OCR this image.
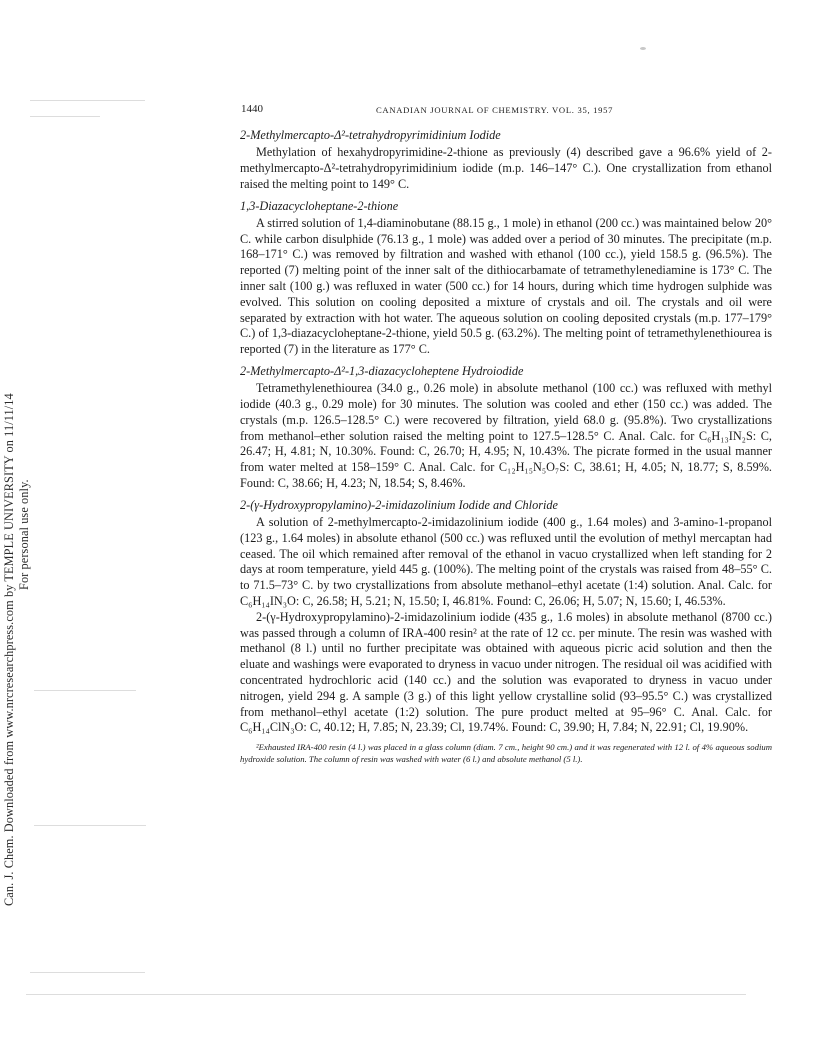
Can. J. Chem. Downloaded from www.nrcresearchpress.com by TEMPLE UNIVERSITY on 11/11/14 For personal use only.
1440	CANADIAN JOURNAL OF CHEMISTRY. VOL. 35, 1957
2-Methylmercapto-Δ²-tetrahydropyrimidinium Iodide

Methylation of hexahydropyrimidine-2-thione as previously (4) described gave a 96.6% yield of 2-methylmercapto-Δ²-tetrahydropyrimidinium iodide (m.p. 146–147° C.). One crystallization from ethanol raised the melting point to 149° C.

1,3-Diazacycloheptane-2-thione

A stirred solution of 1,4-diaminobutane (88.15 g., 1 mole) in ethanol (200 cc.) was maintained below 20° C. while carbon disulphide (76.13 g., 1 mole) was added over a period of 30 minutes. The precipitate (m.p. 168–171° C.) was removed by filtration and washed with ethanol (100 cc.), yield 158.5 g. (96.5%). The reported (7) melting point of the inner salt of the dithiocarbamate of tetramethylenediamine is 173° C. The inner salt (100 g.) was refluxed in water (500 cc.) for 14 hours, during which time hydrogen sulphide was evolved. This solution on cooling deposited a mixture of crystals and oil. The crystals and oil were separated by extraction with hot water. The aqueous solution on cooling deposited crystals (m.p. 177–179° C.) of 1,3-diazacycloheptane-2-thione, yield 50.5 g. (63.2%). The melting point of tetramethylenethiourea is reported (7) in the literature as 177° C.

2-Methylmercapto-Δ²-1,3-diazacycloheptene Hydroiodide

Tetramethylenethiourea (34.0 g., 0.26 mole) in absolute methanol (100 cc.) was refluxed with methyl iodide (40.3 g., 0.29 mole) for 30 minutes. The solution was cooled and ether (150 cc.) was added. The crystals (m.p. 126.5–128.5° C.) were recovered by filtration, yield 68.0 g. (95.8%). Two crystallizations from methanol–ether solution raised the melting point to 127.5–128.5° C. Anal. Calc. for C₆H₁₃IN₂S: C, 26.47; H, 4.81; N, 10.30%. Found: C, 26.70; H, 4.95; N, 10.43%. The picrate formed in the usual manner from water melted at 158–159° C. Anal. Calc. for C₁₂H₁₅N₅O₇S: C, 38.61; H, 4.05; N, 18.77; S, 8.59%. Found: C, 38.66; H, 4.23; N, 18.54; S, 8.46%.

2-(γ-Hydroxypropylamino)-2-imidazolinium Iodide and Chloride

A solution of 2-methylmercapto-2-imidazolinium iodide (400 g., 1.64 moles) and 3-amino-1-propanol (123 g., 1.64 moles) in absolute ethanol (500 cc.) was refluxed until the evolution of methyl mercaptan had ceased. The oil which remained after removal of the ethanol in vacuo crystallized when left standing for 2 days at room temperature, yield 445 g. (100%). The melting point of the crystals was raised from 48–55° C. to 71.5–73° C. by two crystallizations from absolute methanol–ethyl acetate (1:4) solution. Anal. Calc. for C₆H₁₄IN₃O: C, 26.58; H, 5.21; N, 15.50; I, 46.81%. Found: C, 26.06; H, 5.07; N, 15.60; I, 46.53%.

2-(γ-Hydroxypropylamino)-2-imidazolinium iodide (435 g., 1.6 moles) in absolute methanol (8700 cc.) was passed through a column of IRA-400 resin² at the rate of 12 cc. per minute. The resin was washed with methanol (8 l.) until no further precipitate was obtained with aqueous picric acid solution and then the eluate and washings were evaporated to dryness in vacuo under nitrogen. The residual oil was acidified with concentrated hydrochloric acid (140 cc.) and the solution was evaporated to dryness in vacuo under nitrogen, yield 294 g. A sample (3 g.) of this light yellow crystalline solid (93–95.5° C.) was crystallized from methanol–ethyl acetate (1:2) solution. The pure product melted at 95–96° C. Anal. Calc. for C₆H₁₄ClN₃O: C, 40.12; H, 7.85; N, 23.39; Cl, 19.74%. Found: C, 39.90; H, 7.84; N, 22.91; Cl, 19.90%.

²Exhausted IRA-400 resin (4 l.) was placed in a glass column (diam. 7 cm., height 90 cm.) and it was regenerated with 12 l. of 4% aqueous sodium hydroxide solution. The column of resin was washed with water (6 l.) and absolute methanol (5 l.).
